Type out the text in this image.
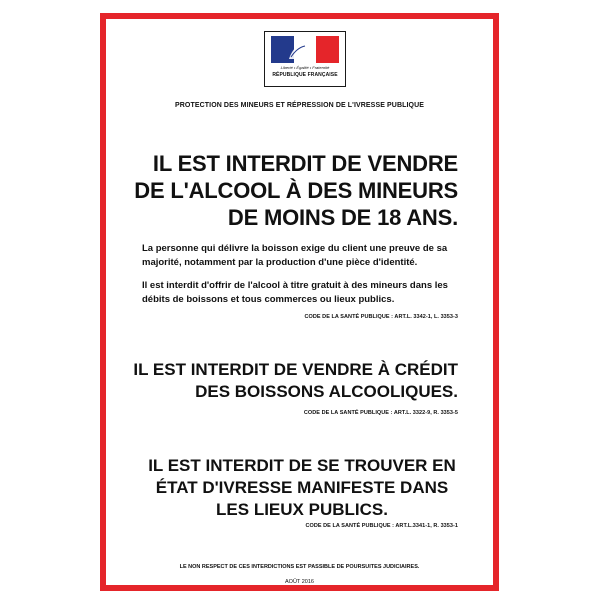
Liberté • Égalité • Fraternité
RÉPUBLIQUE FRANÇAISE
PROTECTION DES MINEURS ET RÉPRESSION DE L'IVRESSE PUBLIQUE
IL EST INTERDIT DE VENDRE
DE L'ALCOOL À DES MINEURS
DE MOINS DE 18 ANS.
La personne qui délivre la boisson exige du client une preuve de sa majorité, notamment par la production d'une pièce d'identité.
Il est interdit d'offrir de l'alcool à titre gratuit à des mineurs dans les débits de boissons et tous commerces ou lieux publics.
CODE DE LA SANTÉ PUBLIQUE : ART.L. 3342-1, L. 3353-3
IL EST INTERDIT DE VENDRE À CRÉDIT
DES BOISSONS ALCOOLIQUES.
CODE DE LA SANTÉ PUBLIQUE : ART.L. 3322-9, R. 3353-5
IL EST INTERDIT DE SE TROUVER EN
ÉTAT D'IVRESSE MANIFESTE DANS
LES LIEUX PUBLICS.
CODE DE LA SANTÉ PUBLIQUE : ART.L.3341-1, R. 3353-1
LE NON RESPECT DE CES INTERDICTIONS EST PASSIBLE DE POURSUITES JUDICIAIRES.
AOÛT 2016
